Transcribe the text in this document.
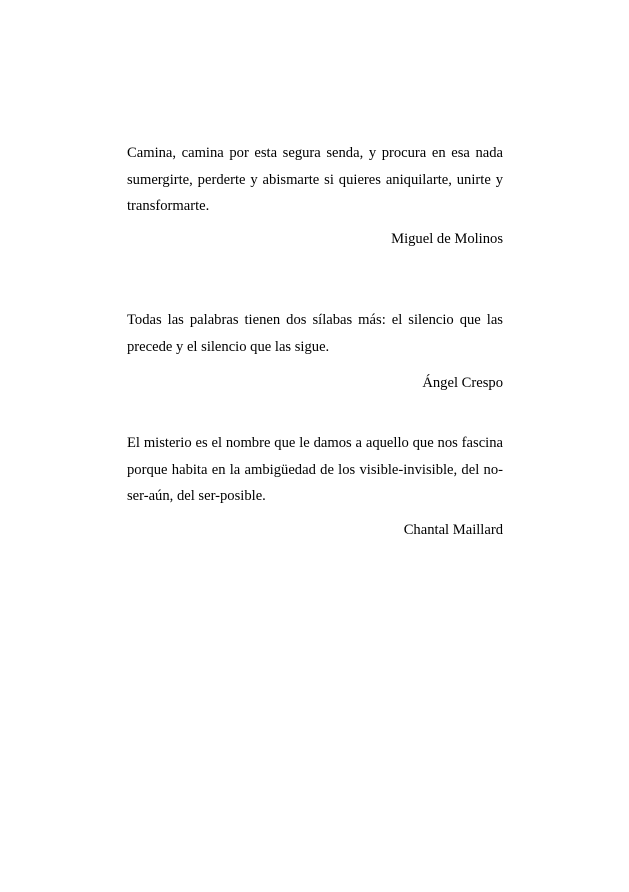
Camina, camina por esta segura senda, y procura en esa nada sumergirte, perderte y abismarte si quieres aniquilarte, unirte y transformarte.

Miguel de Molinos

Todas las palabras tienen dos sílabas más: el silencio que las precede y el silencio que las sigue.

Ángel Crespo

El misterio es el nombre que le damos a aquello que nos fascina porque habita en la ambigüedad de los visible-invisible, del no-ser-aún, del ser-posible.

Chantal Maillard
